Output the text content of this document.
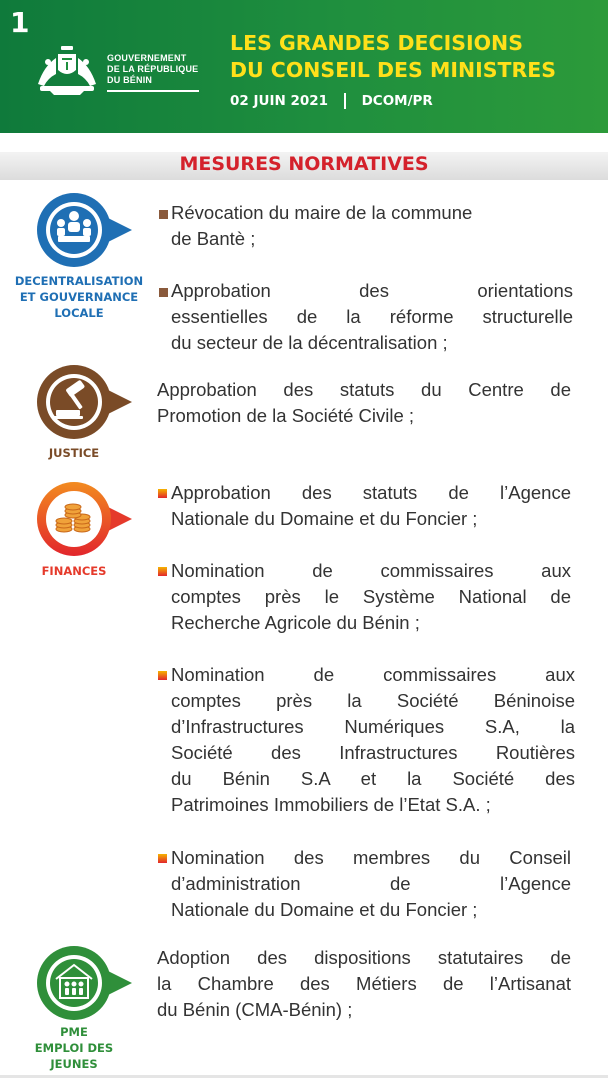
1
GOUVERNEMENT
DE LA RÉPUBLIQUE
DU BÉNIN
LES GRANDES DECISIONS
DU CONSEIL DES MINISTRES
02 JUIN 2021 DCOM/PR
MESURES NORMATIVES
DECENTRALISATION
ET GOUVERNANCE
LOCALE
Révocation du maire de la commune
de Bantè ;
Approbation des orientations
essentielles de la réforme structurelle
du secteur de la décentralisation ;
JUSTICE
Approbation des statuts du Centre de
Promotion de la Société Civile ;
FINANCES
Approbation des statuts de l’Agence
Nationale du Domaine et du Foncier ;
Nomination de commissaires aux
comptes près le Système National de
Recherche Agricole du Bénin ;
Nomination de commissaires aux
comptes près la Société Béninoise
d’Infrastructures Numériques S.A, la
Société des Infrastructures Routières
du Bénin S.A et la Société des
Patrimoines Immobiliers de l’Etat S.A. ;
Nomination des membres du Conseil
d’administration de l’Agence
Nationale du Domaine et du Foncier ;
PME
EMPLOI DES
JEUNES
Adoption des dispositions statutaires de
la Chambre des Métiers de l’Artisanat
du Bénin (CMA-Bénin) ;
